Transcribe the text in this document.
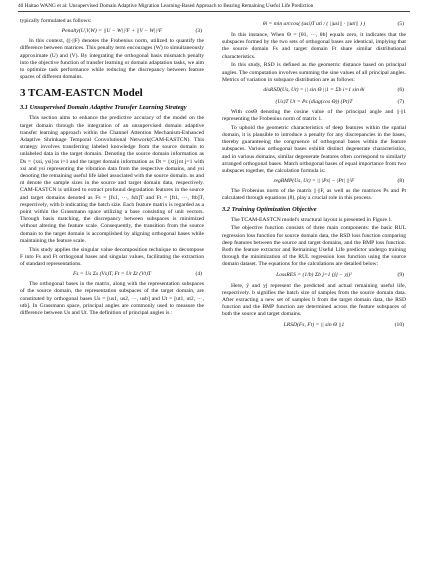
40 Haitao WANG et al: Unsupervised Domain Adaptive Migration Learning-Based Approach to Bearing Remaining Useful Life Prediction

typically formulated as follows:

Penalty(U,V,W) = ||U − W||²F + ||V − W||²F	(3)

In this context, (||·||F) denotes the Frobenius norm, utilized to quantify the difference between matrices. This penalty term encourages (W) to simultaneously approximate (U) and (V). By integrating the orthogonal basis mismatch penalty into the objective function of transfer learning or domain adaptation tasks, we aim to optimize task performance while reducing the discrepancy between feature spaces of different domains.

3 TCAM-EASTCN Model
3.1 Unsupervised Domain Adaptive Transfer Learning Strategy

This section aims to enhance the predictive accuracy of the model on the target domain through the integration of an unsupervised domain adaptive transfer learning approach within the Channel Attention Mechanism-Enhanced Adaptive Shrinkage Temporal Convolutional Network(CAM-EASTCN). This strategy involves transferring labeled knowledge from the source domain to unlabeled data in the target domain. Denoting the source domain information as Ds = {xsi, ysi}ns i=1 and the target domain information as Dt = {xtj}nt j=1 with xsi and ysi representing the vibration data from the respective domains, and ysi denoting the remaining useful life label associated with the source domain. ns and nt denote the sample sizes in the source and target domain data, respectively. CAM-EASTCN is utilized to extract profound degradation features in the source and target domains denoted as Fs = [fs1, ···, fsb]T and Ft = [ft1, ···, ftb]T, respectively, with b indicating the batch size. Each feature matrix is regarded as a point within the Grassmann space utilizing a base consisting of unit vectors. Through basis matching, the discrepancy between subspaces is minimized without altering the feature scale. Consequently, the transition from the source domain to the target domain is accomplished by aligning orthogonal bases while maintaining the feature scale.

This study applies the singular value decomposition technique to decompose F into Fs and Ft orthogonal bases and singular values, facilitating the extraction of standard representations.

Fs = Us Σs (Vs)T, Ft = Ut Σt (Vt)T	(4)

The orthogonal bases in the matrix, along with the representation subspaces of the source domain, the representation subspaces of the target domain, are constituted by orthogonal bases Us = [us1, us2, ···, usb] and Ut = [ut1, ut2, ···, utb]. In Grassmann space, principal angles are commonly used to measure the difference between Us and Ut. The definition of principal angles is :

θi = min arccos( (usi)T uti / ( ||usi|| · ||uti|| ) )	(5)

In this instance, When Θ = [θ1, ···, θb] equals zero, it indicates that the subspaces formed by the two sets of orthogonal bases are identical, implying that the source domain Fs and target domain Ft share similar distributional characteristics.

In this study, RSD is defined as the geometric distance based on principal angles. The computation involves summing the sine values of all principal angles. Metrics of variation in subspace distribution are as follows:

disRSD(Us, Ut) = || sin Θ ||1 = Σb i=1 sin θi	(6)
(Us)T Ut = Ps (diag(cos Θ)) (Pt)T	(7)

With cosΘ denoting the cosine value of the principal angle and ||·||1 representing the Frobenius norm of matrix 1.

To uphold the geometric characteristics of deep features within the spatial domain, it is plausible to introduce a penalty for any discrepancies in the bases, thereby guaranteeing the congruence of orthogonal bases within the feature subspaces. Various orthogonal bases exhibit distinct degenerate characteristics, and in various domains, similar degenerate features often correspond to similarly arranged orthogonal bases. Match orthogonal bases of equal importance from two subspaces together, the calculation formula is:

regBMP(Us, Ut) = || |Ps| − |Pt| ||²F	(8)

The Frobenius norm of the matrix ||·||F, as well as the matrices Ps and Pt calculated through equations (8), play a crucial role in this process.

3.2 Training Optimization Objective

The TCAM-EASTCN model's structural layout is presented in Figure 1.

The objective function consists of three main components: the basic RUL regression loss function for source domain data, the RSD loss function comparing deep features between the source and target domains, and the BMP loss function. Both the feature extractor and Remaining Useful Life predictor undergo training through the minimization of the RUL regression loss function using the source domain dataset. The equations for the calculations are detailed below:

LossRES = (1/b) Σb j=1 (ŷj − yj)²	(9)

Here, ŷ and yj represent the predicted and actual remaining useful life, respectively. b signifies the batch size of samples from the source domain data. After extracting a new set of samples b from the target domain data, the RSD function and the BMP function are determined across the feature subspaces of both the source and target domains.

LRSD(Fs, Ft) = || sin Θ ||1	(10)
